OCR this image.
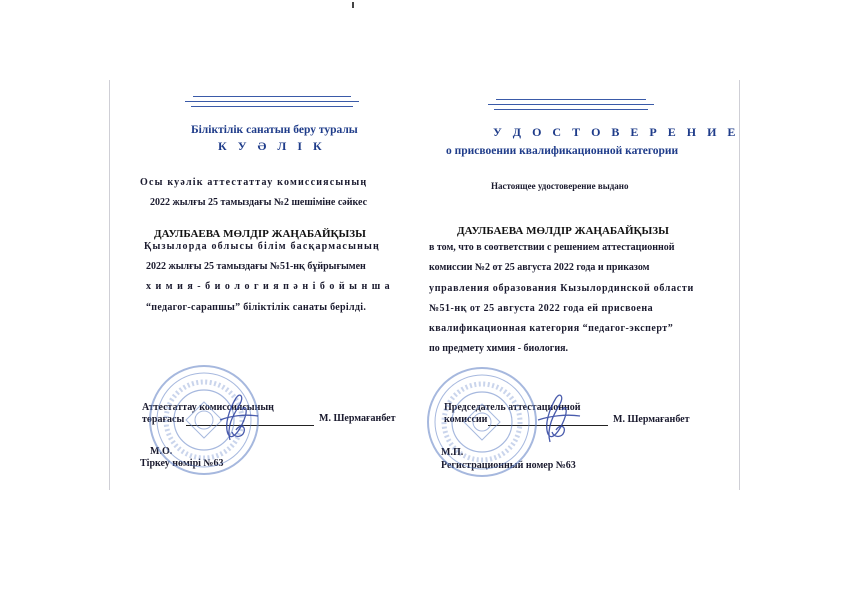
Біліктілік санатын беру туралы
К У Ә Л І К
Осы куәлік аттестаттау комиссиясының
2022 жылғы 25 тамыздағы №2 шешіміне сәйкес
ДАУЛБАЕВА МӨЛДІР ЖАҢАБАЙҚЫЗЫ
Қызылорда облысы білім басқармасының
2022 жылғы 25 тамыздағы №51-нқ бұйрығымен
х и м и я - б и о л о г и я п ә н і б о й ы н ш а
“педагог-сарапшы” біліктілік санаты берілді.
Аттестаттау комиссиясының
төрағасы	М. Шермағанбет
М.О.
Тіркеу нөмірі №63
У Д О С Т О В Е Р Е Н И Е
о присвоении квалификационной категории
Настоящее удостоверение выдано
ДАУЛБАЕВА МӨЛДІР ЖАҢАБАЙҚЫЗЫ
в том, что в соответствии с решением аттестационной
комиссии №2 от 25 августа 2022 года и приказом
управления образования Кызылординской области
№51-нқ от 25 августа 2022 года ей присвоена
квалификационная категория “педагог-эксперт”
по предмету химия - биология.
Председатель аттестационной
комиссии	М. Шермағанбет
М.П.
Регистрационный номер №63
